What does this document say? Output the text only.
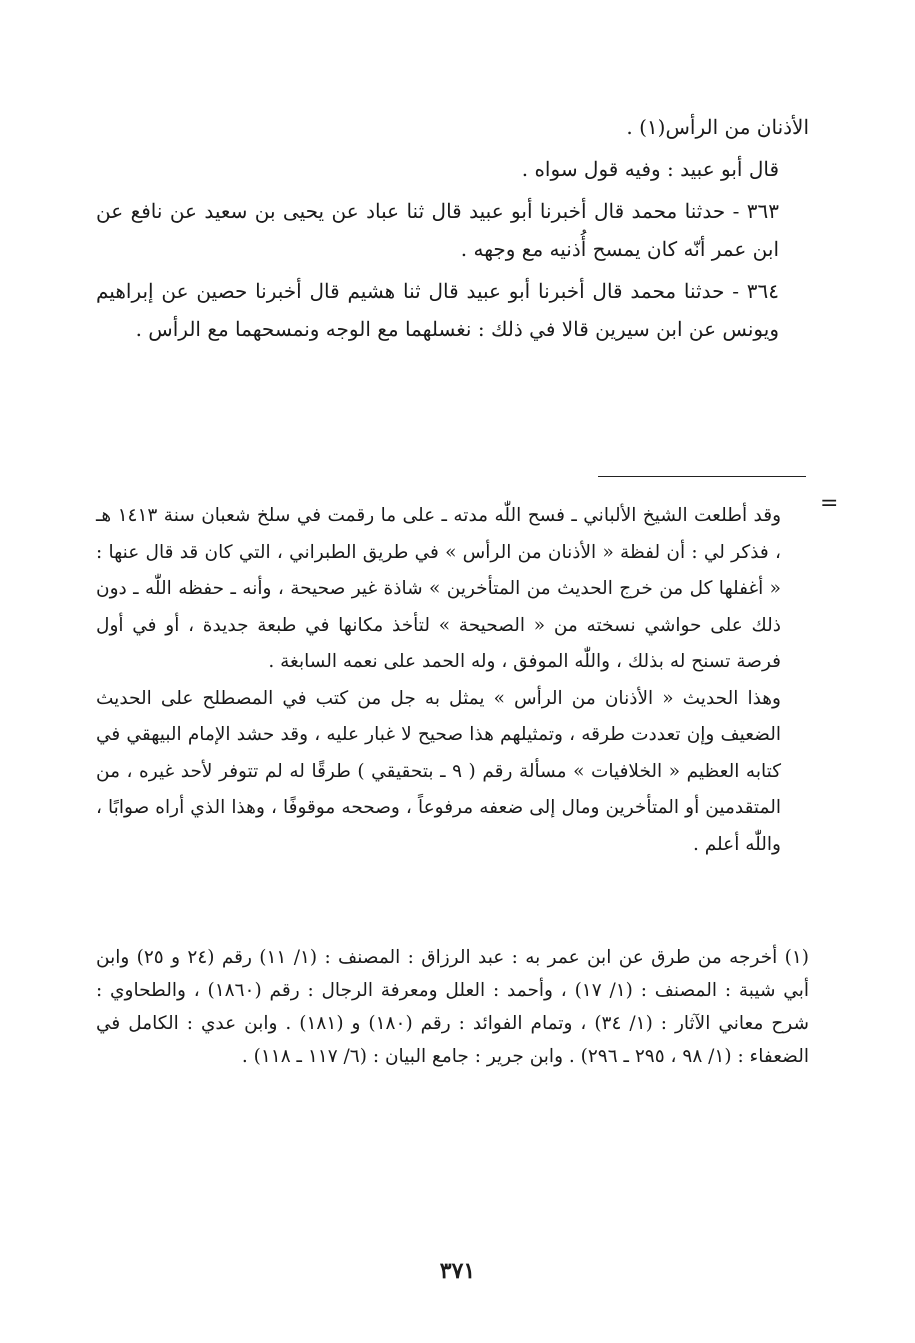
الأذنان من الرأس(١) .

قال أبو عبيد : وفيه قول سواه .

٣٦٣ - حدثنا محمد قال أخبرنا أبو عبيد قال ثنا عباد عن يحيى بن سعيد عن نافع عن ابن عمر أنّه كان يمسح أُذنيه مع وجهه .

٣٦٤ - حدثنا محمد قال أخبرنا أبو عبيد قال ثنا هشيم قال أخبرنا حصين عن إبراهيم ويونس عن ابن سيرين قالا في ذلك : نغسلهما مع الوجه ونمسحهما مع الرأس .

=

وقد أطلعت الشيخ الألباني ـ فسح اللّٰه مدته ـ على ما رقمت في سلخ شعبان سنة ١٤١٣ هـ ، فذكر لي : أن لفظة « الأذنان من الرأس » في طريق الطبراني ، التي كان قد قال عنها : « أغفلها كل من خرج الحديث من المتأخرين » شاذة غير صحيحة ، وأنه ـ حفظه اللّٰه ـ دون ذلك على حواشي نسخته من « الصحيحة » لتأخذ مكانها في طبعة جديدة ، أو في أول فرصة تسنح له بذلك ، واللّٰه الموفق ، وله الحمد على نعمه السابغة .

وهذا الحديث « الأذنان من الرأس » يمثل به جل من كتب في المصطلح على الحديث الضعيف وإن تعددت طرقه ، وتمثيلهم هذا صحيح لا غبار عليه ، وقد حشد الإمام البيهقي في كتابه العظيم « الخلافيات » مسألة رقم ( ٩ ـ بتحقيقي ) طرقًا له لم تتوفر لأحد غيره ، من المتقدمين أو المتأخرين ومال إلى ضعفه مرفوعاً ، وصححه موقوفًا ، وهذا الذي أراه صوابًا ، واللّٰه أعلم .

(١) أخرجه من طرق عن ابن عمر به : عبد الرزاق : المصنف : (١/ ١١) رقم (٢٤ و ٢٥) وابن أبي شيبة : المصنف : (١/ ١٧) ، وأحمد : العلل ومعرفة الرجال : رقم (١٨٦٠) ، والطحاوي : شرح معاني الآثار : (١/ ٣٤) ، وتمام الفوائد : رقم (١٨٠) و (١٨١) . وابن عدي : الكامل في الضعفاء : (١/ ٩٨ ، ٢٩٥ ـ ٢٩٦) . وابن جرير : جامع البيان : (٦/ ١١٧ ـ ١١٨) .

٣٧١
